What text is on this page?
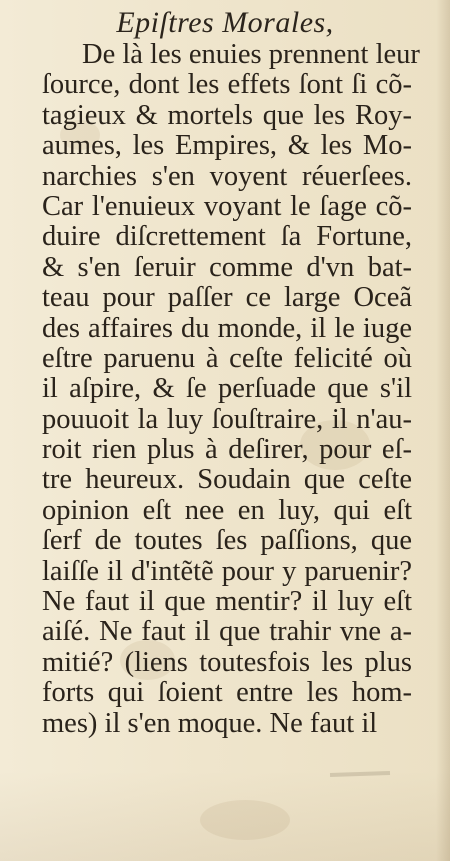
Epiſtres Morales,
De là les enuies prennent leur
ſource, dont les effets ſont ſi cõ-
tagieux & mortels que les Roy-
aumes, les Empires, & les Mo-
narchies s'en voyent réuerſees.
Car l'enuieux voyant le ſage cõ-
duire diſcrettement ſa Fortune,
& s'en ſeruir comme d'vn bat-
teau pour paſſer ce large Oceã
des affaires du monde, il le iuge
eſtre paruenu à ceſte felicité où
il aſpire, & ſe perſuade que s'il
pouuoit la luy ſouſtraire, il n'au-
roit rien plus à deſirer, pour eſ-
tre heureux. Soudain que ceſte
opinion eſt nee en luy, qui eſt
ſerf de toutes ſes paſſions, que
laiſſe il d'intẽtẽ pour y paruenir?
Ne faut il que mentir? il luy eſt
aiſé. Ne faut il que trahir vne a-
mitié? (liens toutesfois les plus
forts qui ſoient entre les hom-
mes) il s'en moque. Ne faut il
